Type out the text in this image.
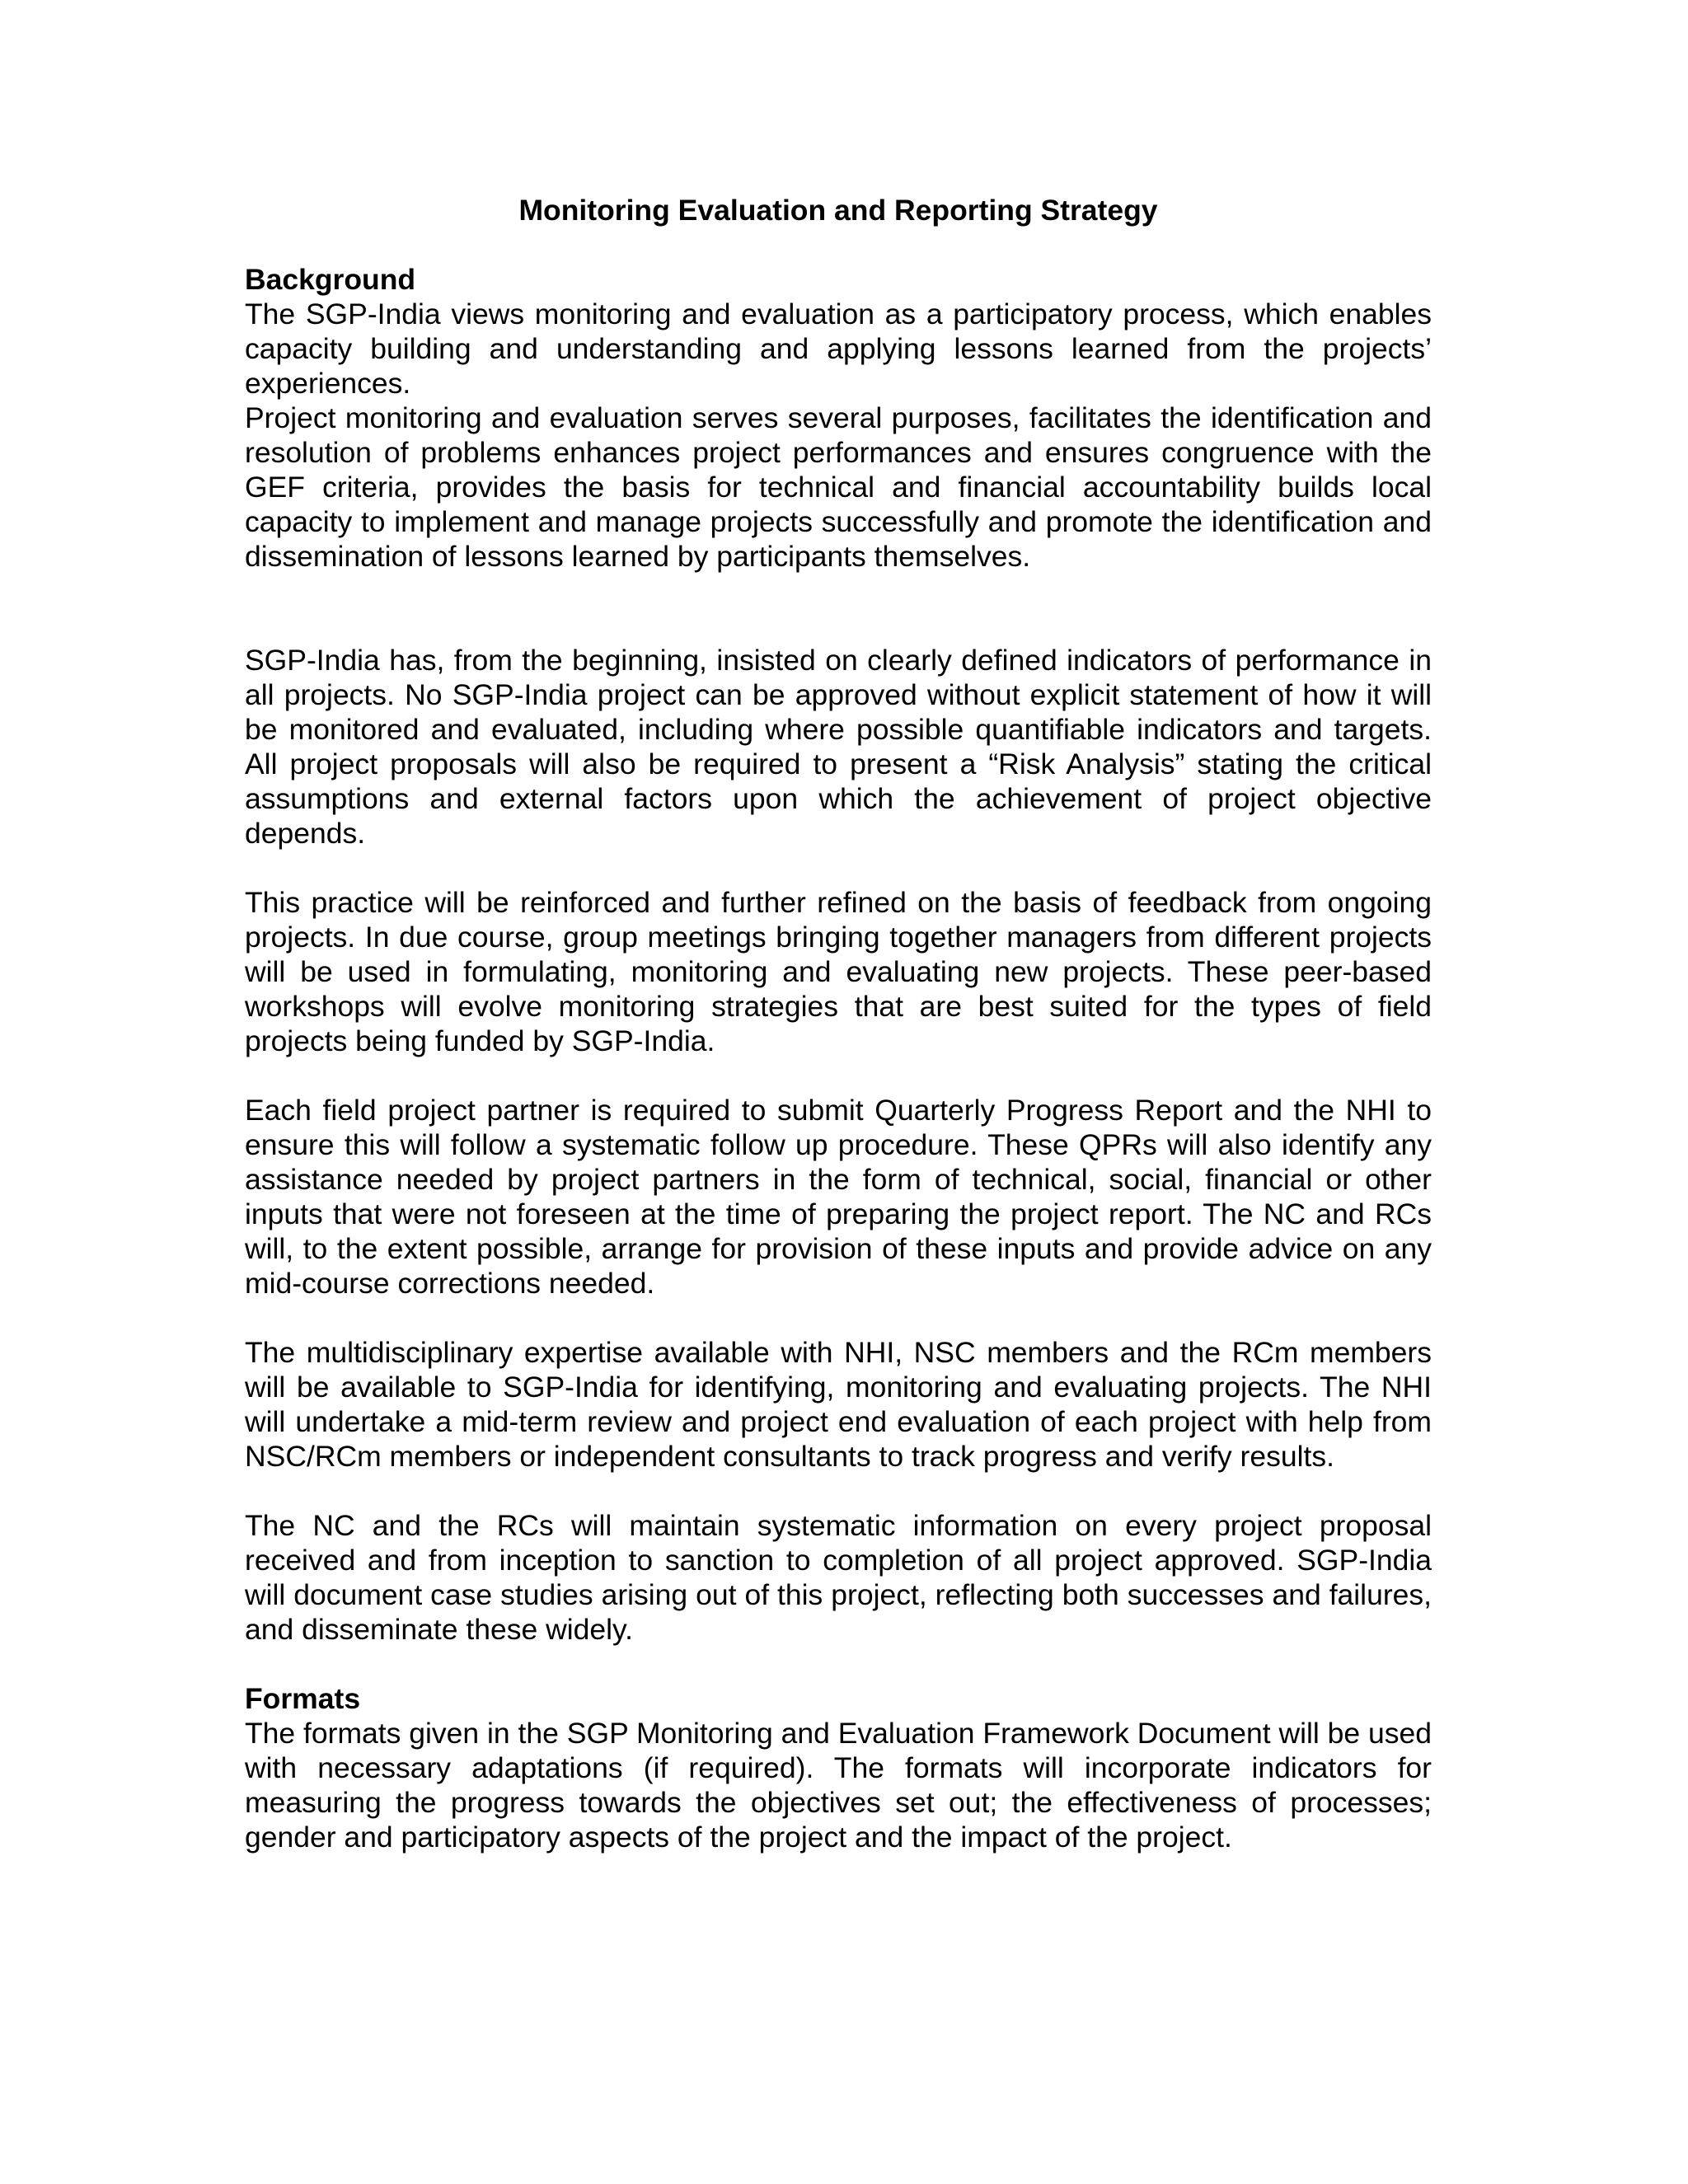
Monitoring Evaluation and Reporting Strategy
Background

The SGP-India views monitoring and evaluation as a participatory process, which enables capacity building and understanding and applying lessons learned from the projects’ experiences.

Project monitoring and evaluation serves several purposes, facilitates the identification and resolution of problems enhances project performances and ensures congruence with the GEF criteria, provides the basis for technical and financial accountability builds local capacity to implement and manage projects successfully and promote the identification and dissemination of lessons learned by participants themselves.

SGP-India has, from the beginning, insisted on clearly defined indicators of performance in all projects. No SGP-India project can be approved without explicit statement of how it will be monitored and evaluated, including where possible quantifiable indicators and targets. All project proposals will also be required to present a “Risk Analysis” stating the critical assumptions and external factors upon which the achievement of project objective depends.

This practice will be reinforced and further refined on the basis of feedback from ongoing projects. In due course, group meetings bringing together managers from different projects will be used in formulating, monitoring and evaluating new projects. These peer-based workshops will evolve monitoring strategies that are best suited for the types of field projects being funded by SGP-India.

Each field project partner is required to submit Quarterly Progress Report and the NHI to ensure this will follow a systematic follow up procedure. These QPRs will also identify any assistance needed by project partners in the form of technical, social, financial or other inputs that were not foreseen at the time of preparing the project report. The NC and RCs will, to the extent possible, arrange for provision of these inputs and provide advice on any mid-course corrections needed.

The multidisciplinary expertise available with NHI, NSC members and the RCm members will be available to SGP-India for identifying, monitoring and evaluating projects. The NHI will undertake a mid-term review and project end evaluation of each project with help from NSC/RCm members or independent consultants to track progress and verify results.

The NC and the RCs will maintain systematic information on every project proposal received and from inception to sanction to completion of all project approved. SGP-India will document case studies arising out of this project, reflecting both successes and failures, and disseminate these widely.

Formats

The formats given in the SGP Monitoring and Evaluation Framework Document will be used with necessary adaptations (if required). The formats will incorporate indicators for measuring the progress towards the objectives set out; the effectiveness of processes; gender and participatory aspects of the project and the impact of the project.
